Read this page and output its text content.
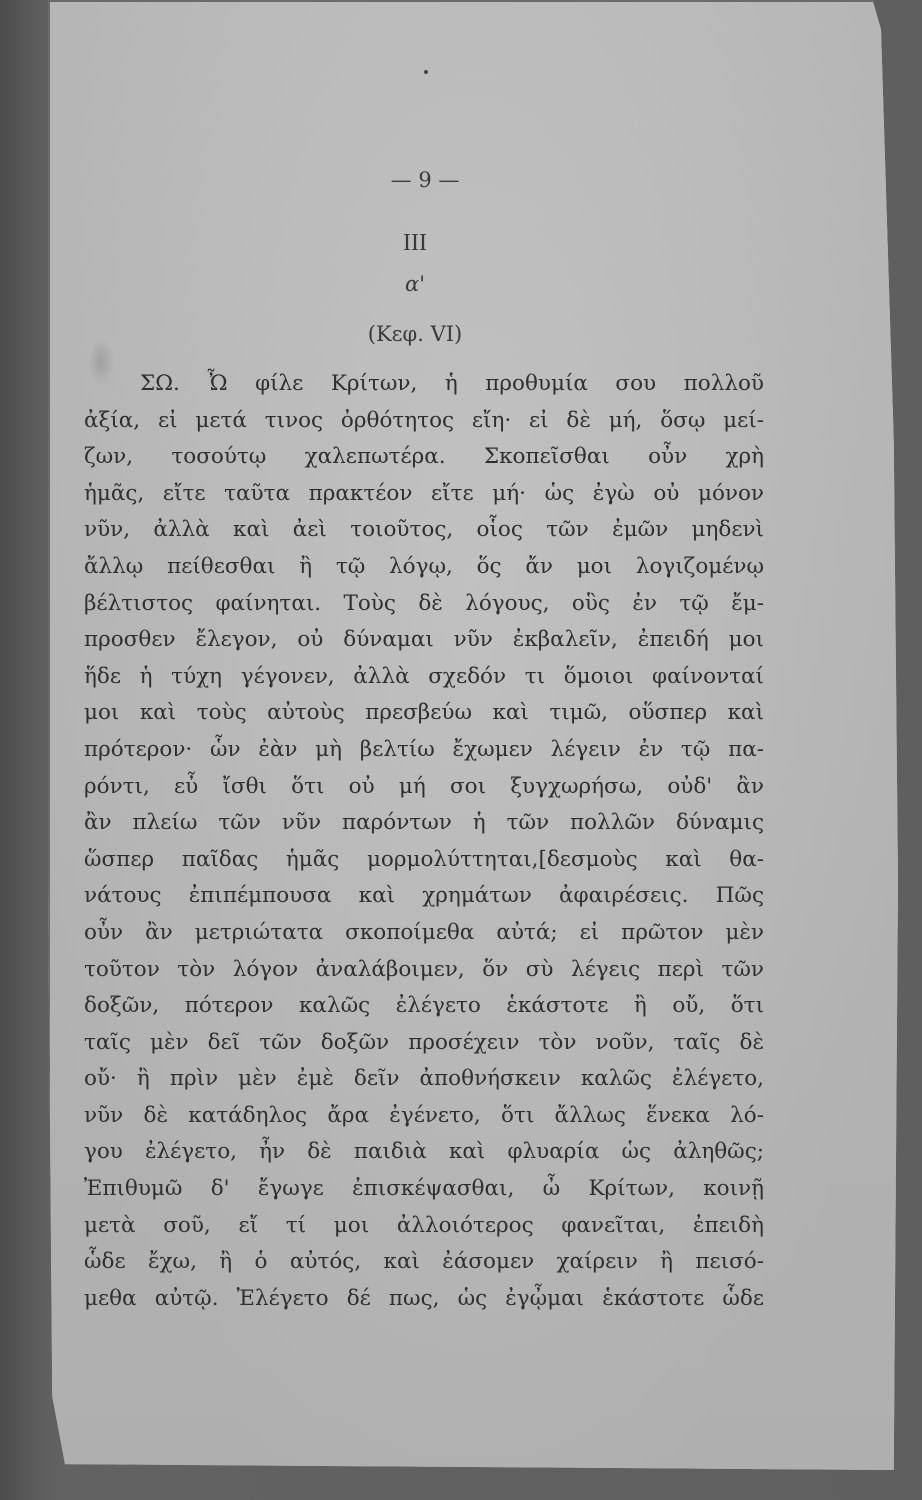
— 9 —
III
α'
(Κεφ. VI)
ΣΩ. Ὦ φίλε Κρίτων, ἡ προθυμία σου πολλοῦ
ἀξία, εἰ μετά τινος ὀρθότητος εἴη· εἰ δὲ μή, ὅσῳ μεί-
ζων, τοσούτῳ χαλεπωτέρα. Σκοπεῖσθαι οὖν χρὴ
ἡμᾶς, εἴτε ταῦτα πρακτέον εἴτε μή· ὡς ἐγὼ οὐ μόνον
νῦν, ἀλλὰ καὶ ἀεὶ τοιοῦτος, οἷος τῶν ἐμῶν μηδενὶ
ἄλλῳ πείθεσθαι ἢ τῷ λόγῳ, ὅς ἄν μοι λογιζομένῳ
βέλτιστος φαίνηται. Τοὺς δὲ λόγους, οὓς ἐν τῷ ἔμ-
προσθεν ἔλεγον, οὐ δύναμαι νῦν ἐκβαλεῖν, ἐπειδή μοι
ἥδε ἡ τύχη γέγονεν, ἀλλὰ σχεδόν τι ὅμοιοι φαίνονταί
μοι καὶ τοὺς αὐτοὺς πρεσβεύω καὶ τιμῶ, οὕσπερ καὶ
πρότερον· ὧν ἐὰν μὴ βελτίω ἔχωμεν λέγειν ἐν τῷ πα-
ρόντι, εὖ ἴσθι ὅτι οὐ μή σοι ξυγχωρήσω, οὐδ' ἂν
ἂν πλείω τῶν νῦν παρόντων ἡ τῶν πολλῶν δύναμις
ὥσπερ παῖδας ἡμᾶς μορμολύττηται,[δεσμοὺς καὶ θα-
νάτους ἐπιπέμπουσα καὶ χρημάτων ἀφαιρέσεις. Πῶς
οὖν ἂν μετριώτατα σκοποίμεθα αὐτά; εἰ πρῶτον μὲν
τοῦτον τὸν λόγον ἀναλάβοιμεν, ὅν σὺ λέγεις περὶ τῶν
δοξῶν, πότερον καλῶς ἐλέγετο ἑκάστοτε ἢ οὔ, ὅτι
ταῖς μὲν δεῖ τῶν δοξῶν προσέχειν τὸν νοῦν, ταῖς δὲ
οὔ· ἢ πρὶν μὲν ἐμὲ δεῖν ἀποθνήσκειν καλῶς ἐλέγετο,
νῦν δὲ κατάδηλος ἄρα ἐγένετο, ὅτι ἄλλως ἕνεκα λό-
γου ἐλέγετο, ἦν δὲ παιδιὰ καὶ φλυαρία ὡς ἀληθῶς;
Ἐπιθυμῶ δ' ἔγωγε ἐπισκέψασθαι, ὦ Κρίτων, κοινῇ
μετὰ σοῦ, εἴ τί μοι ἀλλοιότερος φανεῖται, ἐπειδὴ
ὧδε ἔχω, ἢ ὁ αὐτός, καὶ ἐάσομεν χαίρειν ἢ πεισό-
μεθα αὐτῷ. Ἐλέγετο δέ πως, ὡς ἐγᾦμαι ἑκάστοτε ὧδε
